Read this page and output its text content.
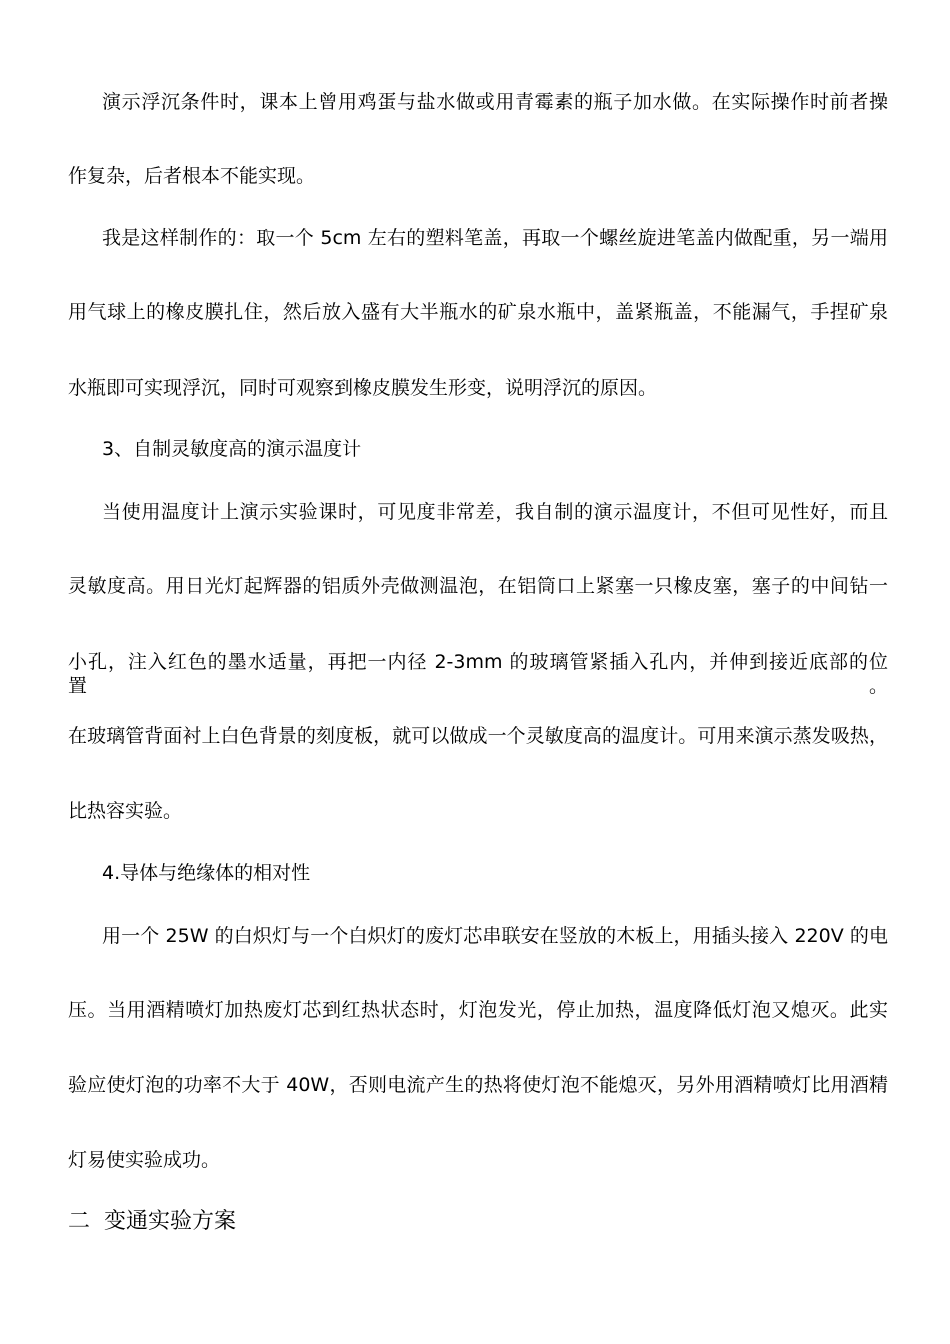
演示浮沉条件时，课本上曾用鸡蛋与盐水做或用青霉素的瓶子加水做。在实际操作时前者操
作复杂，后者根本不能实现。
我是这样制作的：取一个 5cm 左右的塑料笔盖，再取一个螺丝旋进笔盖内做配重，另一端用
用气球上的橡皮膜扎住，然后放入盛有大半瓶水的矿泉水瓶中，盖紧瓶盖，不能漏气，手捏矿泉
水瓶即可实现浮沉，同时可观察到橡皮膜发生形变，说明浮沉的原因。
3、自制灵敏度高的演示温度计
当使用温度计上演示实验课时，可见度非常差，我自制的演示温度计，不但可见性好，而且
灵敏度高。用日光灯起辉器的铝质外壳做测温泡，在铝筒口上紧塞一只橡皮塞，塞子的中间钻一
小孔，注入红色的墨水适量，再把一内径 2-3mm 的玻璃管紧插入孔内，并伸到接近底部的位置。
在玻璃管背面衬上白色背景的刻度板，就可以做成一个灵敏度高的温度计。可用来演示蒸发吸热，
比热容实验。
4.导体与绝缘体的相对性
用一个 25W 的白炽灯与一个白炽灯的废灯芯串联安在竖放的木板上，用插头接入 220V 的电
压。当用酒精喷灯加热废灯芯到红热状态时，灯泡发光，停止加热，温度降低灯泡又熄灭。此实
验应使灯泡的功率不大于 40W，否则电流产生的热将使灯泡不能熄灭，另外用酒精喷灯比用酒精
灯易使实验成功。
二  变通实验方案
